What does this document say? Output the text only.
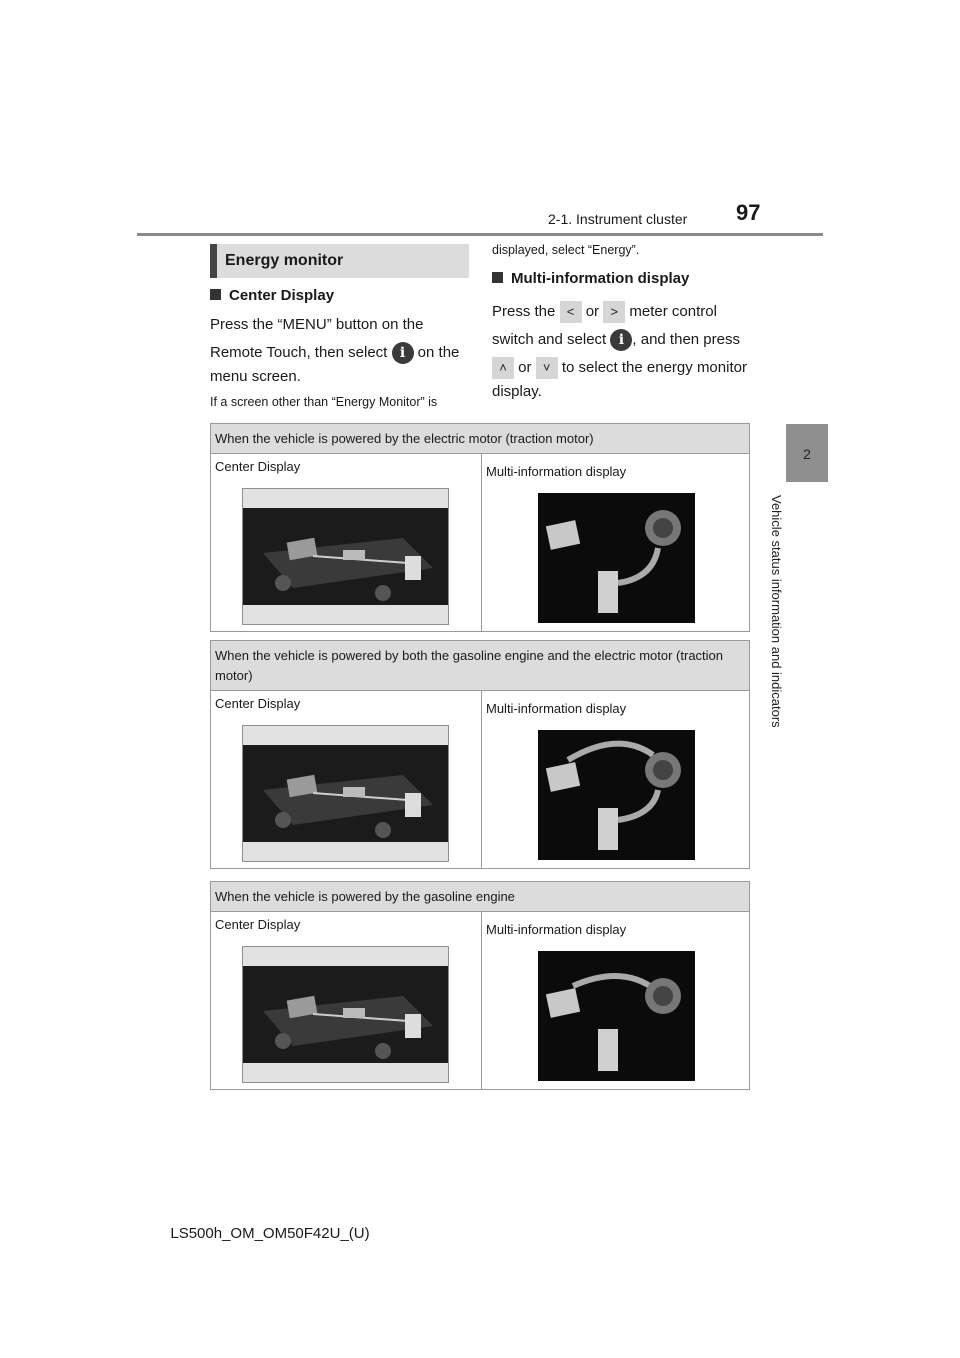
2-1. Instrument cluster 97
2
Vehicle status information and indicators
Energy monitor
Center Display
Press the “MENU” button on the
Remote Touch, then select i on the
menu screen.
If a screen other than “Energy Monitor” is
displayed, select “Energy”.
Multi-information display
Press the < or > meter control
switch and select i , and then press
˄ or ˅ to select the energy monitor
display.
When the vehicle is powered by the electric motor (traction motor)

Center Display	Multi-information display
When the vehicle is powered by both the gasoline engine and the electric motor (traction motor)

Center Display	Multi-information display
When the vehicle is powered by the gasoline engine

Center Display	Multi-information display
LS500h_OM_OM50F42U_(U)
